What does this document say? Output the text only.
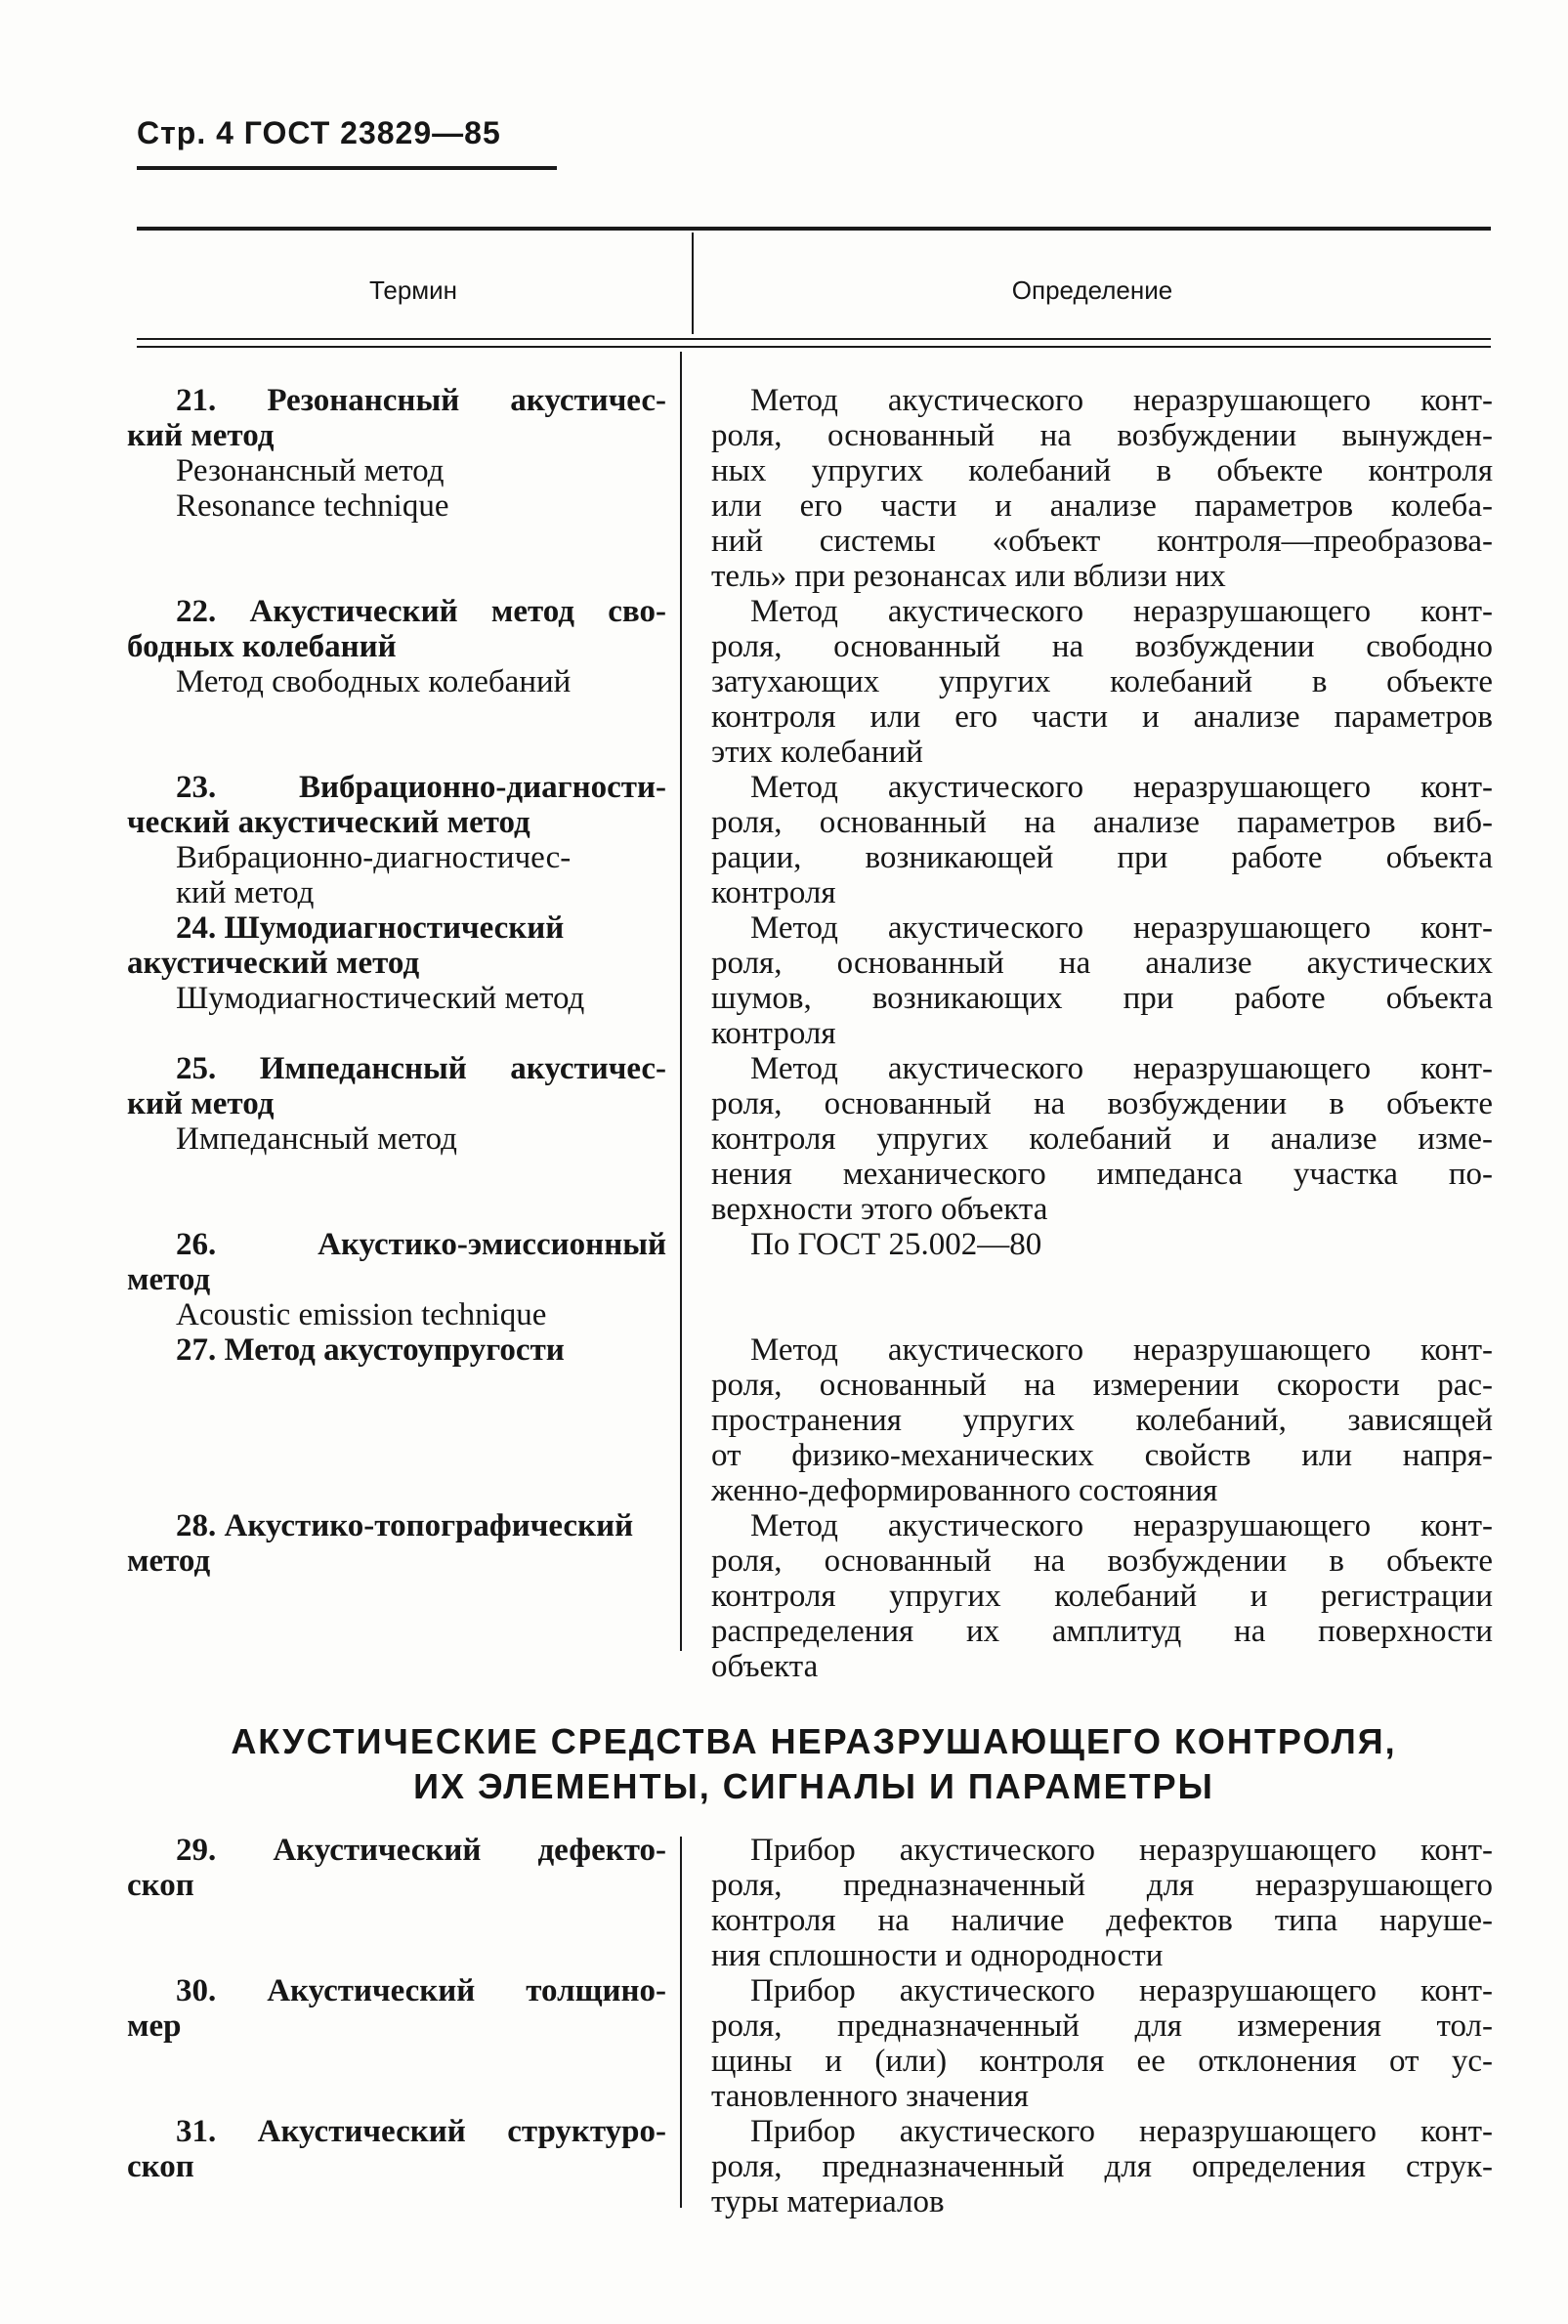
Стр. 4 ГОСТ 23829—85
Термин	Определение
21. Резонансный акустичес-
кий метод
Резонансный метод
Resonance technique
Метод акустического неразрушающего конт-
роля, основанный на возбуждении вынужден-
ных упругих колебаний в объекте контроля
или его части и анализе параметров колеба-
ний системы «объект контроля—преобразова-
тель» при резонансах или вблизи них
22. Акустический метод сво-
бодных колебаний
Метод свободных колебаний
Метод акустического неразрушающего конт-
роля, основанный на возбуждении свободно
затухающих упругих колебаний в объекте
контроля или его части и анализе параметров
этих колебаний
23. Вибрационно-диагности-
ческий акустический метод
Вибрационно-диагностичес-
кий метод
Метод акустического неразрушающего конт-
роля, основанный на анализе параметров виб-
рации, возникающей при работе объекта
контроля
24. Шумодиагностический
акустический метод
Шумодиагностический метод
Метод акустического неразрушающего конт-
роля, основанный на анализе акустических
шумов, возникающих при работе объекта
контроля
25. Импедансный акустичес-
кий метод
Импедансный метод
Метод акустического неразрушающего конт-
роля, основанный на возбуждении в объекте
контроля упругих колебаний и анализе изме-
нения механического импеданса участка по-
верхности этого объекта
26. Акустико-эмиссионный
метод
Acoustic emission technique
По ГОСТ 25.002—80
27. Метод акустоупругости	Метод акустического неразрушающего конт-
роля, основанный на измерении скорости рас-
пространения упругих колебаний, зависящей
от физико-механических свойств или напря-
женно-деформированного состояния
28. Акустико-топографический
метод
Метод акустического неразрушающего конт-
роля, основанный на возбуждении в объекте
контроля упругих колебаний и регистрации
распределения их амплитуд на поверхности
объекта
АКУСТИЧЕСКИЕ СРЕДСТВА НЕРАЗРУШАЮЩЕГО КОНТРОЛЯ,
ИХ ЭЛЕМЕНТЫ, СИГНАЛЫ И ПАРАМЕТРЫ
29. Акустический дефекто-
скоп
Прибор акустического неразрушающего конт-
роля, предназначенный для неразрушающего
контроля на наличие дефектов типа наруше-
ния сплошности и однородности
30. Акустический толщино-
мер
Прибор акустического неразрушающего конт-
роля, предназначенный для измерения тол-
щины и (или) контроля ее отклонения от ус-
тановленного значения
31. Акустический структуро-
скоп
Прибор акустического неразрушающего конт-
роля, предназначенный для определения струк-
туры материалов
